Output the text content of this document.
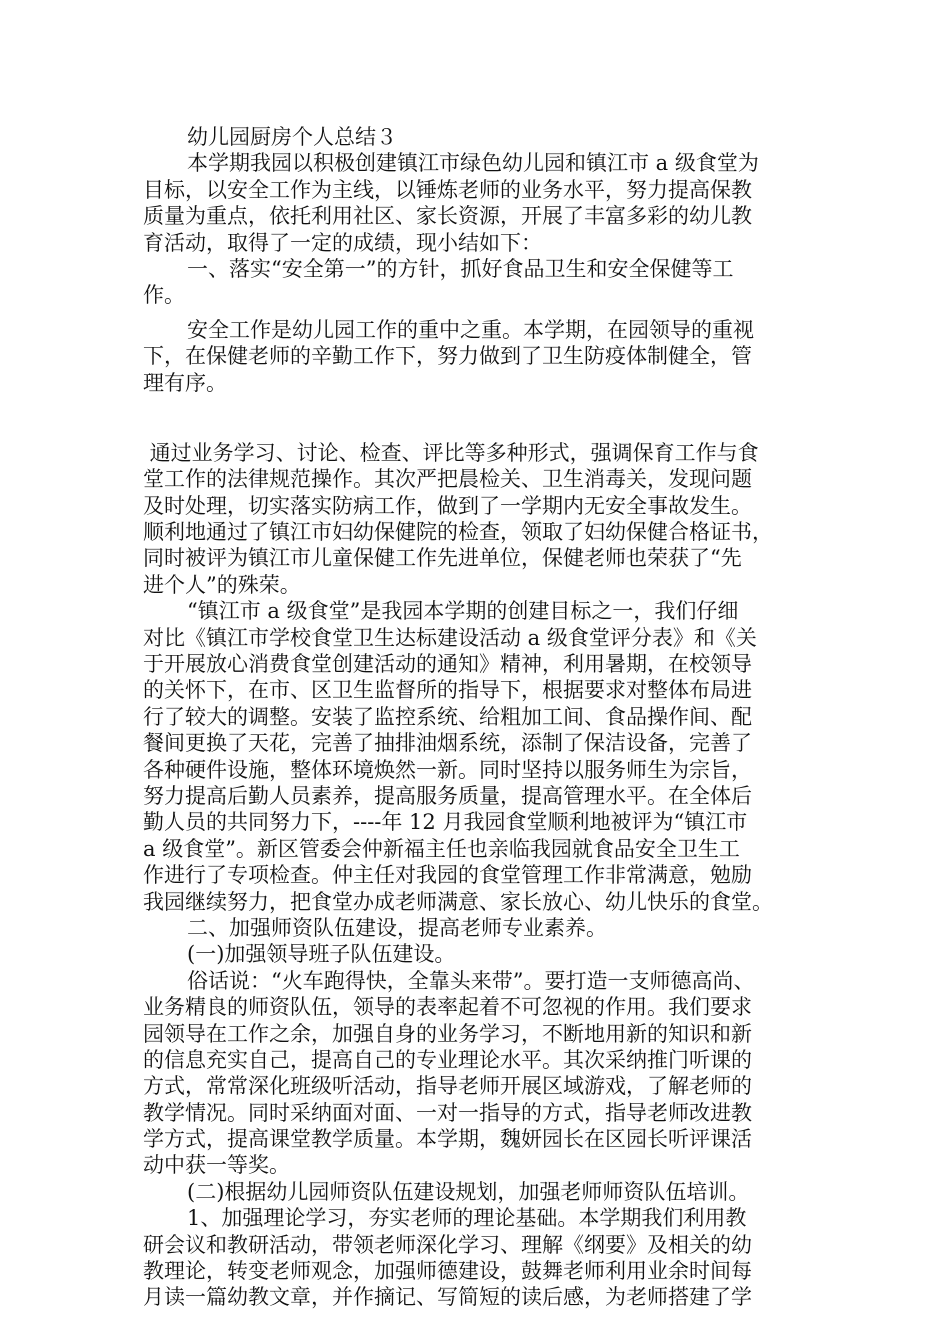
幼儿园厨房个人总结３
本学期我园以积极创建镇江市绿色幼儿园和镇江市 a 级食堂为
目标，以安全工作为主线，以锤炼老师的业务水平，努力提高保教
质量为重点，依托利用社区、家长资源，开展了丰富多彩的幼儿教
育活动，取得了一定的成绩，现小结如下：
一、落实“安全第一”的方针，抓好食品卫生和安全保健等工
作。
安全工作是幼儿园工作的重中之重。本学期，在园领导的重视
下，在保健老师的辛勤工作下，努力做到了卫生防疫体制健全，管
理有序。
通过业务学习、讨论、检查、评比等多种形式，强调保育工作与食
堂工作的法律规范操作。其次严把晨检关、卫生消毒关，发现问题
及时处理，切实落实防病工作，做到了一学期内无安全事故发生。
顺利地通过了镇江市妇幼保健院的检查，领取了妇幼保健合格证书，
同时被评为镇江市儿童保健工作先进单位，保健老师也荣获了“先
进个人”的殊荣。
“镇江市 a 级食堂”是我园本学期的创建目标之一，我们仔细
对比《镇江市学校食堂卫生达标建设活动 a 级食堂评分表》和《关
于开展放心消费食堂创建活动的通知》精神，利用暑期，在校领导
的关怀下，在市、区卫生监督所的指导下，根据要求对整体布局进
行了较大的调整。安装了监控系统、给粗加工间、食品操作间、配
餐间更换了天花，完善了抽排油烟系统，添制了保洁设备，完善了
各种硬件设施，整体环境焕然一新。同时坚持以服务师生为宗旨，
努力提高后勤人员素养，提高服务质量，提高管理水平。在全体后
勤人员的共同努力下，----年 12 月我园食堂顺利地被评为“镇江市
a 级食堂”。新区管委会仲新福主任也亲临我园就食品安全卫生工
作进行了专项检查。仲主任对我园的食堂管理工作非常满意，勉励
我园继续努力，把食堂办成老师满意、家长放心、幼儿快乐的食堂。
二、加强师资队伍建设，提高老师专业素养。
(一)加强领导班子队伍建设。
俗话说：“火车跑得快，全靠头来带”。要打造一支师德高尚、
业务精良的师资队伍，领导的表率起着不可忽视的作用。我们要求
园领导在工作之余，加强自身的业务学习，不断地用新的知识和新
的信息充实自己，提高自己的专业理论水平。其次采纳推门听课的
方式，常常深化班级听活动，指导老师开展区域游戏，了解老师的
教学情况。同时采纳面对面、一对一指导的方式，指导老师改进教
学方式，提高课堂教学质量。本学期，魏妍园长在区园长听评课活
动中获一等奖。
(二)根据幼儿园师资队伍建设规划，加强老师师资队伍培训。
1、加强理论学习，夯实老师的理论基础。本学期我们利用教
研会议和教研活动，带领老师深化学习、理解《纲要》及相关的幼
教理论，转变老师观念，加强师德建设，鼓舞老师利用业余时间每
月读一篇幼教文章，并作摘记、写简短的读后感，为老师搭建了学
